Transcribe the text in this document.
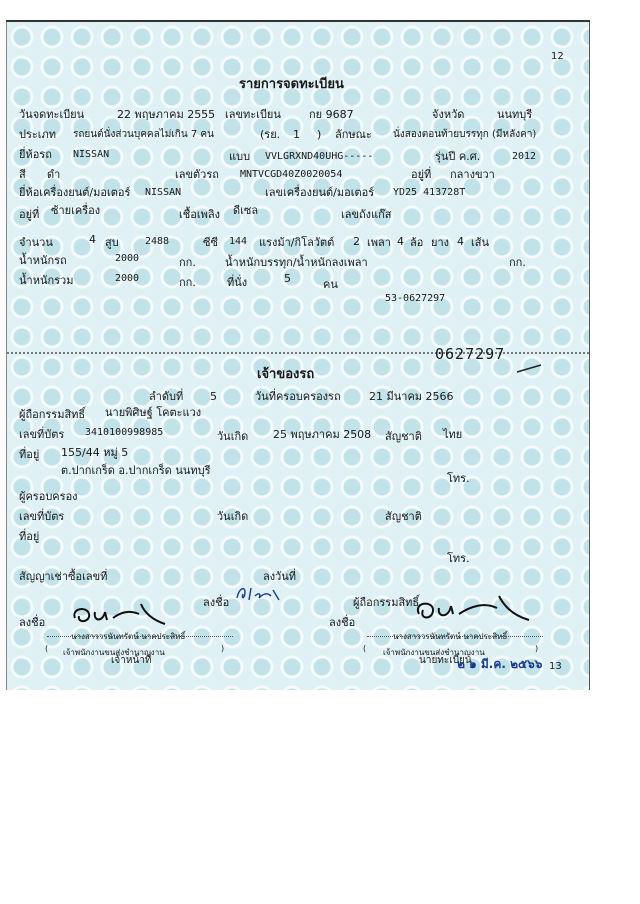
12
รายการจดทะเบียน
วันจดทะเบียน	22 พฤษภาคม 2555 เลขทะเบียน	กย 9687	จังหวัด	นนทบุรี
ประเภท รถยนต์นั่งส่วนบุคคลไม่เกิน 7 คน	(รย. 1 ) ลักษณะ นั่งสองตอนท้ายบรรทุก (มีหลังคา)
ยี่ห้อรถ NISSAN	แบบ VVLGRXND40UHG-----	รุ่นปี ค.ศ.	2012
สี ดำ	เลขตัวรถ MNTVCGD40Z0020054	อยู่ที่ กลางขวา
ยี่ห้อเครื่องยนต์/มอเตอร์ NISSAN	เลขเครื่องยนต์/มอเตอร์ YD25 413728T
อยู่ที่ ซ้ายเครื่อง	เชื้อเพลิง ดีเซล	เลขถังแก๊ส
จำนวน	4 สูบ	2488	ซีซี 144 แรงม้า/กิโลวัตต์ 2 เพลา 4 ล้อ ยาง 4 เส้น
น้ำหนักรถ	2000	กก.	น้ำหนักบรรทุก/น้ำหนักลงเพลา	กก.
น้ำหนักรวม	2000	กก.	ที่นั่ง	5	คน
53-0627297
0627297
เจ้าของรถ
ลำดับที่ 5	วันที่ครอบครองรถ	21 มีนาคม 2566
ผู้ถือกรรมสิทธิ์ นายพิศิษฐ์ โคตะแวง
เลขที่บัตร 3410100998985	วันเกิด 25 พฤษภาคม 2508 สัญชาติ ไทย
ที่อยู่ 155/44 หมู่ 5
ต.ปากเกร็ด อ.ปากเกร็ด นนทบุรี
โทร.
ผู้ครอบครอง
เลขที่บัตร	วันเกิด	สัญชาติ
ที่อยู่
โทร.
สัญญาเช่าซื้อเลขที่	ลงวันที่
ลงชื่อ	ผู้ถือกรรมสิทธิ์
ลงชื่อ
นางสาววรนันทรัตน์ นาคประสิทธิ์
(	)
เจ้าพนักงานขนส่งชำนาญงาน
เจ้าหน้าที่
ลงชื่อ
นางสาววรนันทรัตน์ นาคประสิทธิ์
(	)
เจ้าพนักงานขนส่งชำนาญงาน
นายทะเบียน
๒ ๑ มี.ค. ๒๕๖๖ 13
